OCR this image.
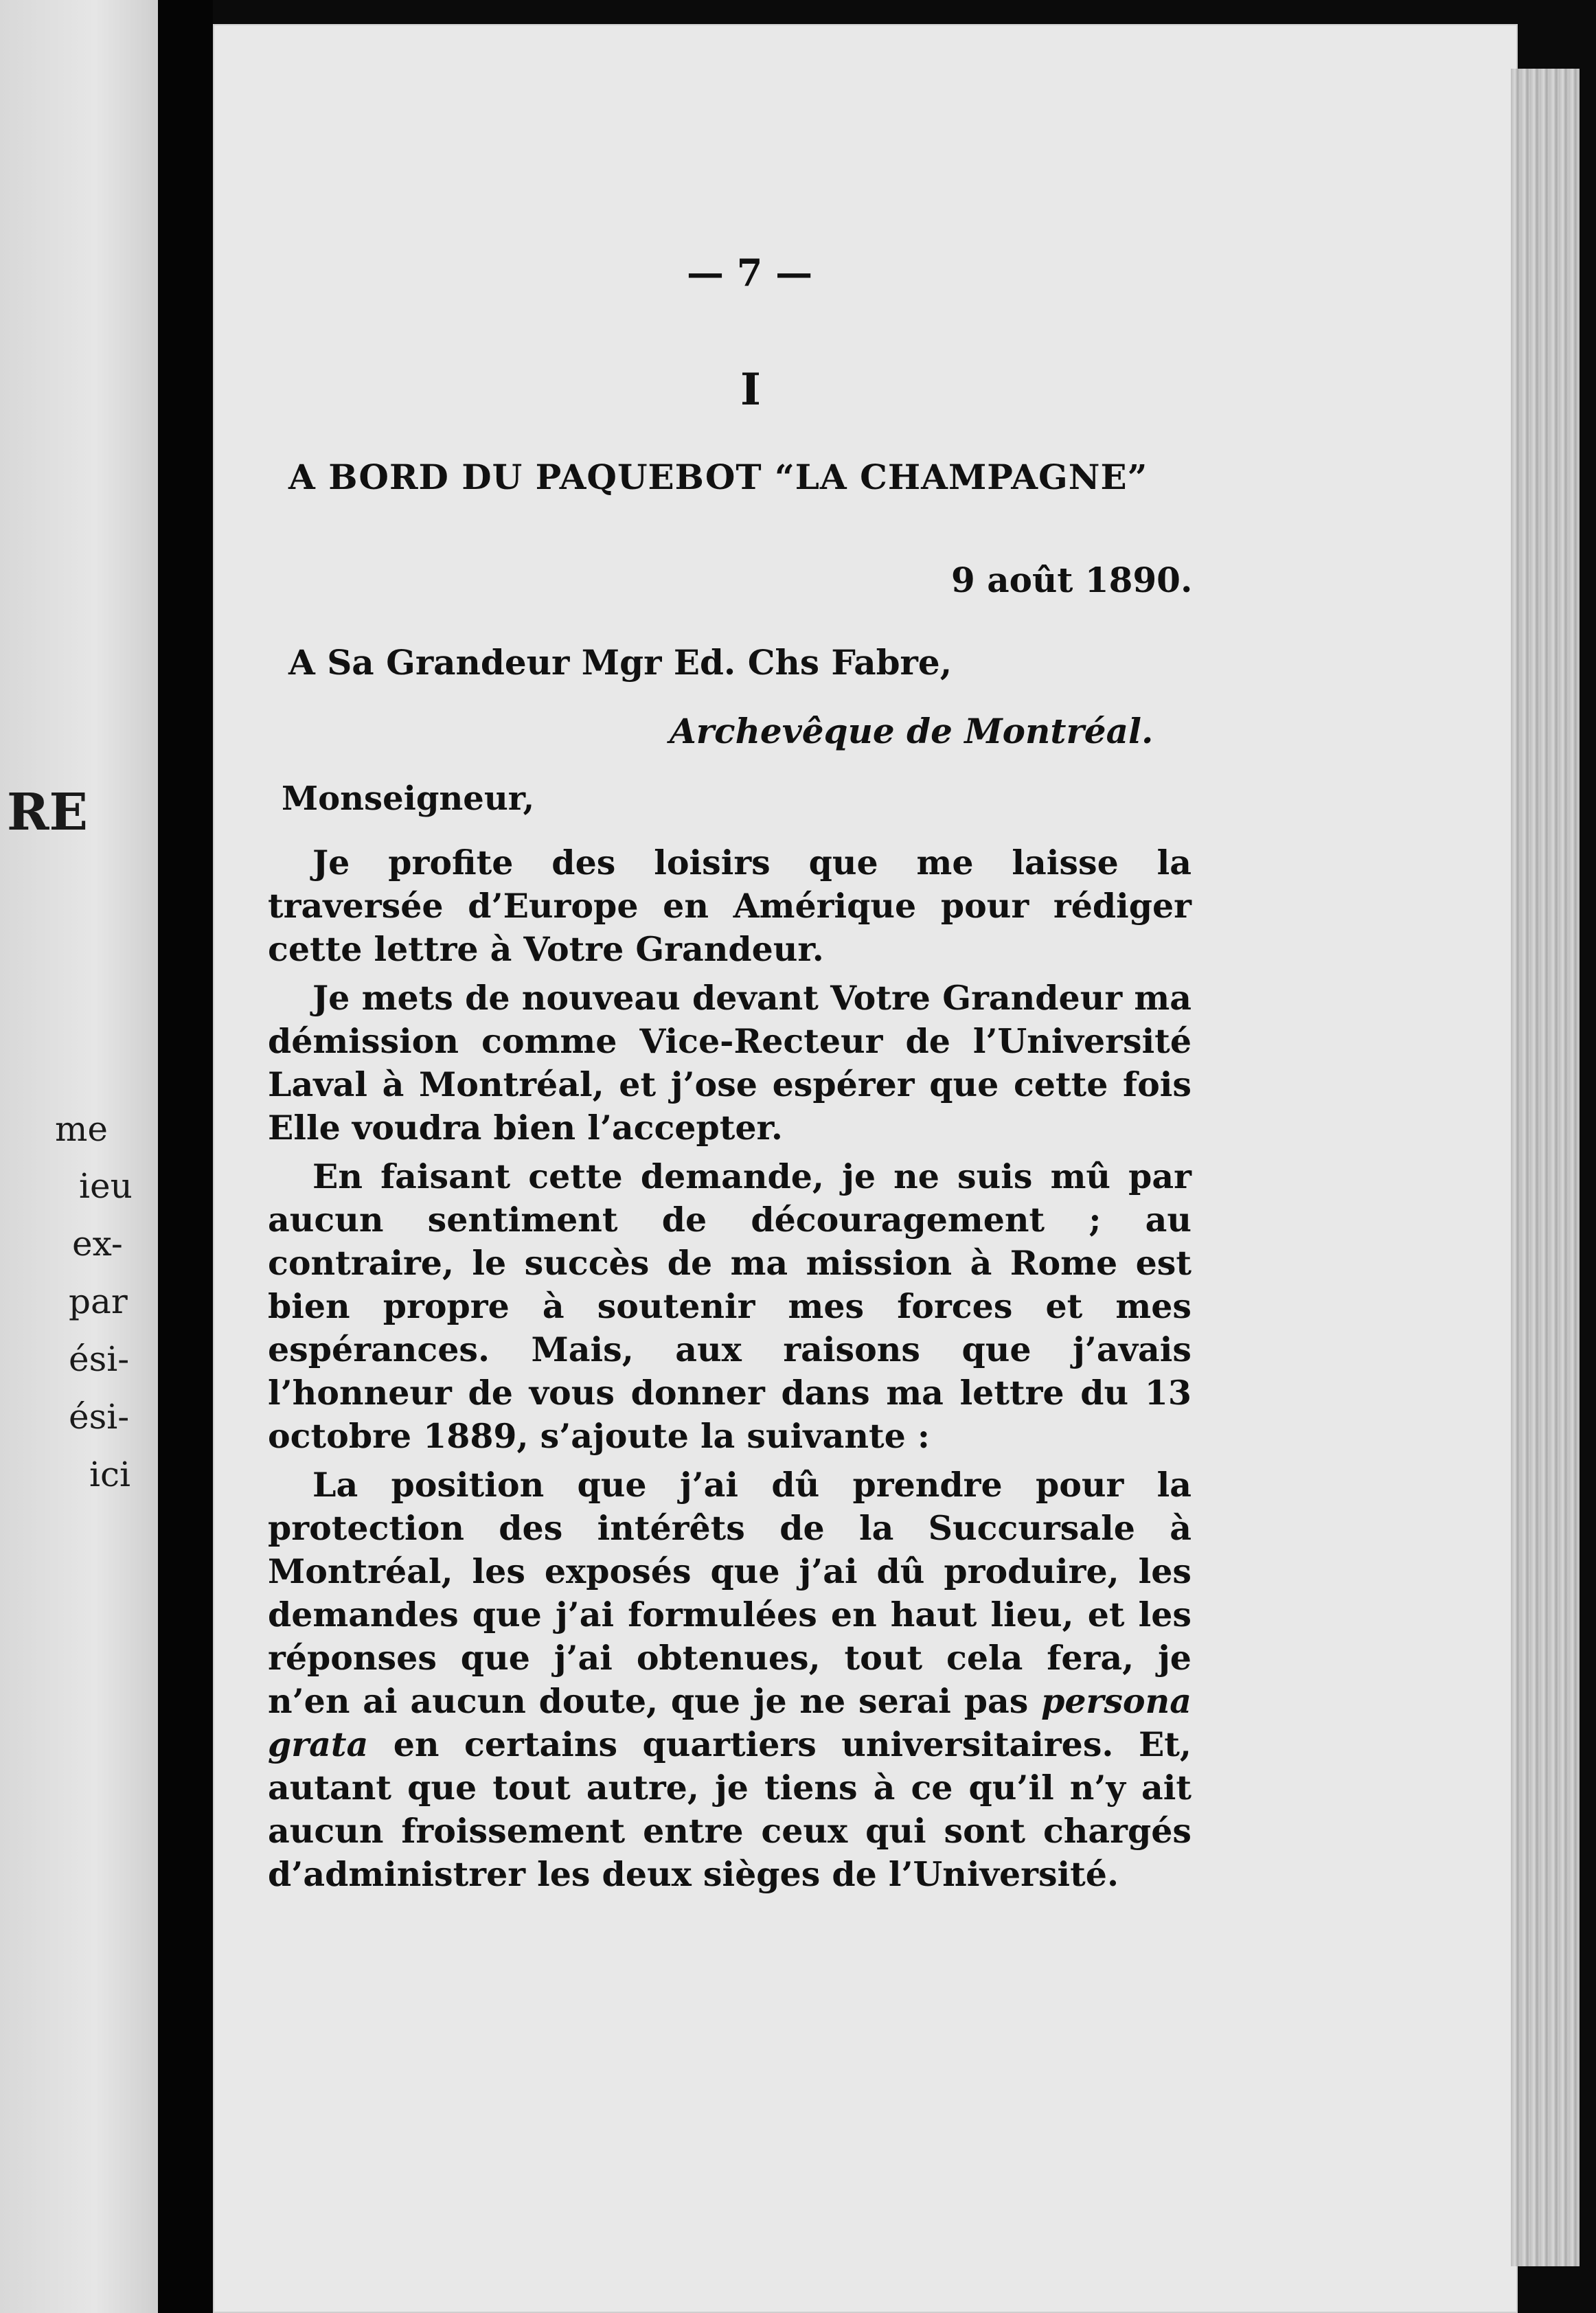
RE
me
ieu
ex-
par
ési-
ési-
ici
— 7 —
I
A BORD DU PAQUEBOT “LA CHAMPAGNE”
9 août 1890.
A Sa Grandeur Mgr Ed. Chs Fabre,
Archevêque de Montréal.
Monseigneur,

Je profite des loisirs que me laisse la traversée d’Europe en Amérique pour rédiger cette lettre à Votre Grandeur.

Je mets de nouveau devant Votre Grandeur ma démission comme Vice-Recteur de l’Université Laval à Montréal, et j’ose espérer que cette fois Elle voudra bien l’accepter.

En faisant cette demande, je ne suis mû par aucun sentiment de découragement ; au contraire, le succès de ma mission à Rome est bien propre à soutenir mes forces et mes espérances. Mais, aux raisons que j’avais l’honneur de vous donner dans ma lettre du 13 octobre 1889, s’ajoute la suivante :

La position que j’ai dû prendre pour la protection des intérêts de la Succursale à Montréal, les exposés que j’ai dû produire, les demandes que j’ai formulées en haut lieu, et les réponses que j’ai obtenues, tout cela fera, je n’en ai aucun doute, que je ne serai pas persona grata en certains quartiers universitaires. Et, autant que tout autre, je tiens à ce qu’il n’y ait aucun froissement entre ceux qui sont chargés d’administrer les deux sièges de l’Université.
